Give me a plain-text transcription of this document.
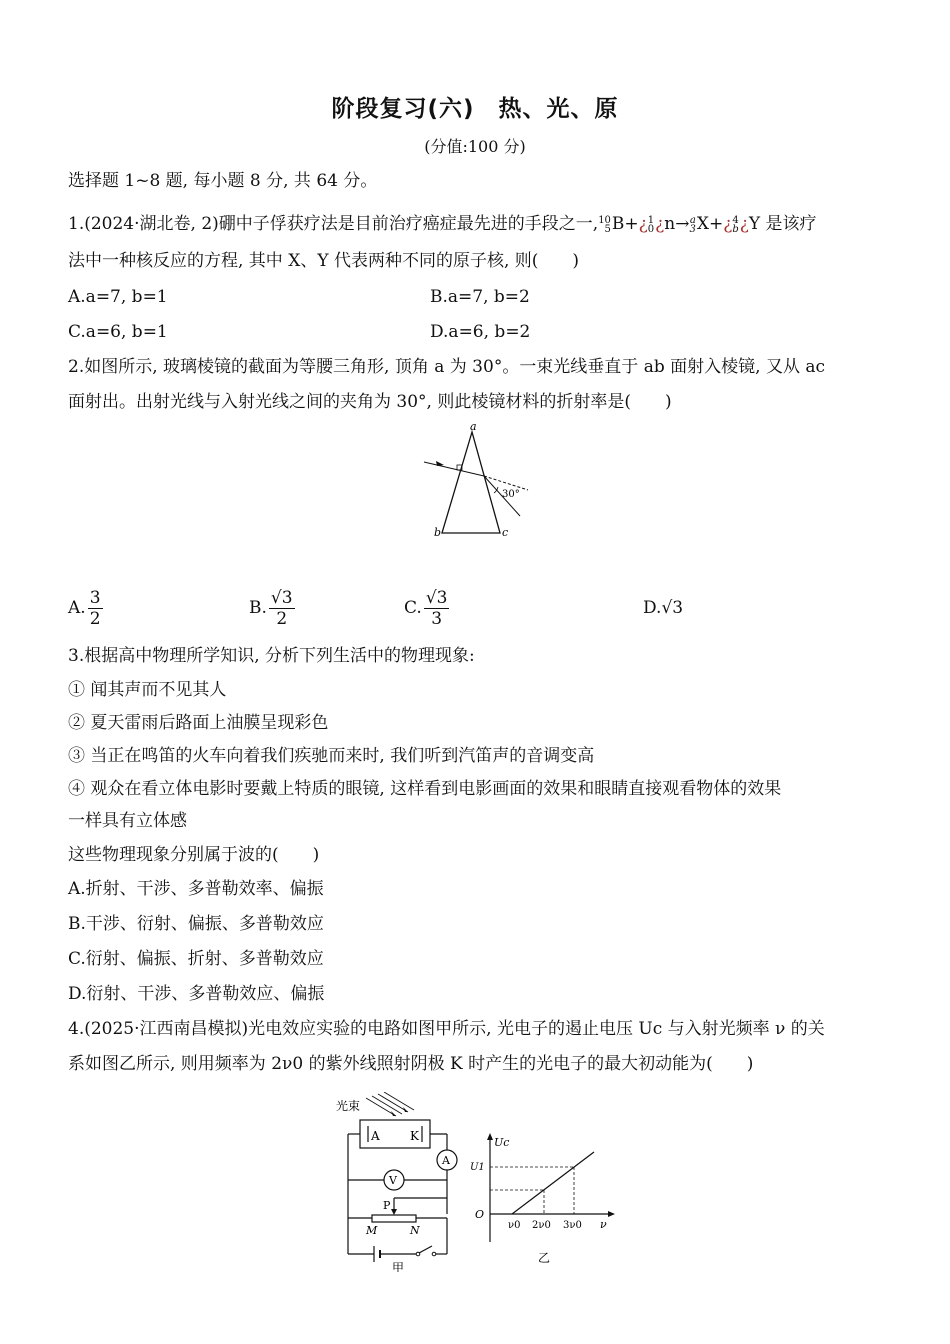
阶段复习(六)　热、光、原
(分值:100 分)
选择题 1~8 题, 每小题 8 分, 共 64 分。
1.(2024·湖北卷, 2)硼中子俘获疗法是目前治疗癌症最先进的手段之一, 10
5 B+¿ 1
0 ¿n→ a
3 X+¿ 4
b ¿Y 是该疗
法中一种核反应的方程, 其中 X、Y 代表两种不同的原子核, 则(　　)
A.a=7, b=1	B.a=7, b=2
C.a=6, b=1	D.a=6, b=2
2.如图所示, 玻璃棱镜的截面为等腰三角形, 顶角 a 为 30°。一束光线垂直于 ab 面射入棱镜, 又从 ac
面射出。出射光线与入射光线之间的夹角为 30°, 则此棱镜材料的折射率是(　　)
a
b	c
30°
A. $\frac{3}{2}$	B. $\frac{√3}{2}$	C. $\frac{√3}{3}$	D.√3
3.根据高中物理所学知识, 分析下列生活中的物理现象:
① 闻其声而不见其人
② 夏天雷雨后路面上油膜呈现彩色
③ 当正在鸣笛的火车向着我们疾驰而来时, 我们听到汽笛声的音调变高
④ 观众在看立体电影时要戴上特质的眼镜, 这样看到电影画面的效果和眼睛直接观看物体的效果
一样具有立体感
这些物理现象分别属于波的(　　)
A.折射、干涉、多普勒效率、偏振
B.干涉、衍射、偏振、多普勒效应
C.衍射、偏振、折射、多普勒效应
D.衍射、干涉、多普勒效应、偏振
4.(2025·江西南昌模拟)光电效应实验的电路如图甲所示, 光电子的遏止电压 Uc 与入射光频率 ν 的关
系如图乙所示, 则用频率为 2ν0 的紫外线照射阴极 K 时产生的光电子的最大初动能为(　　)
光束
A	K
A
V
P
M	N
甲
Uc
U1
O
ν
ν0 2ν0 3ν0
乙
